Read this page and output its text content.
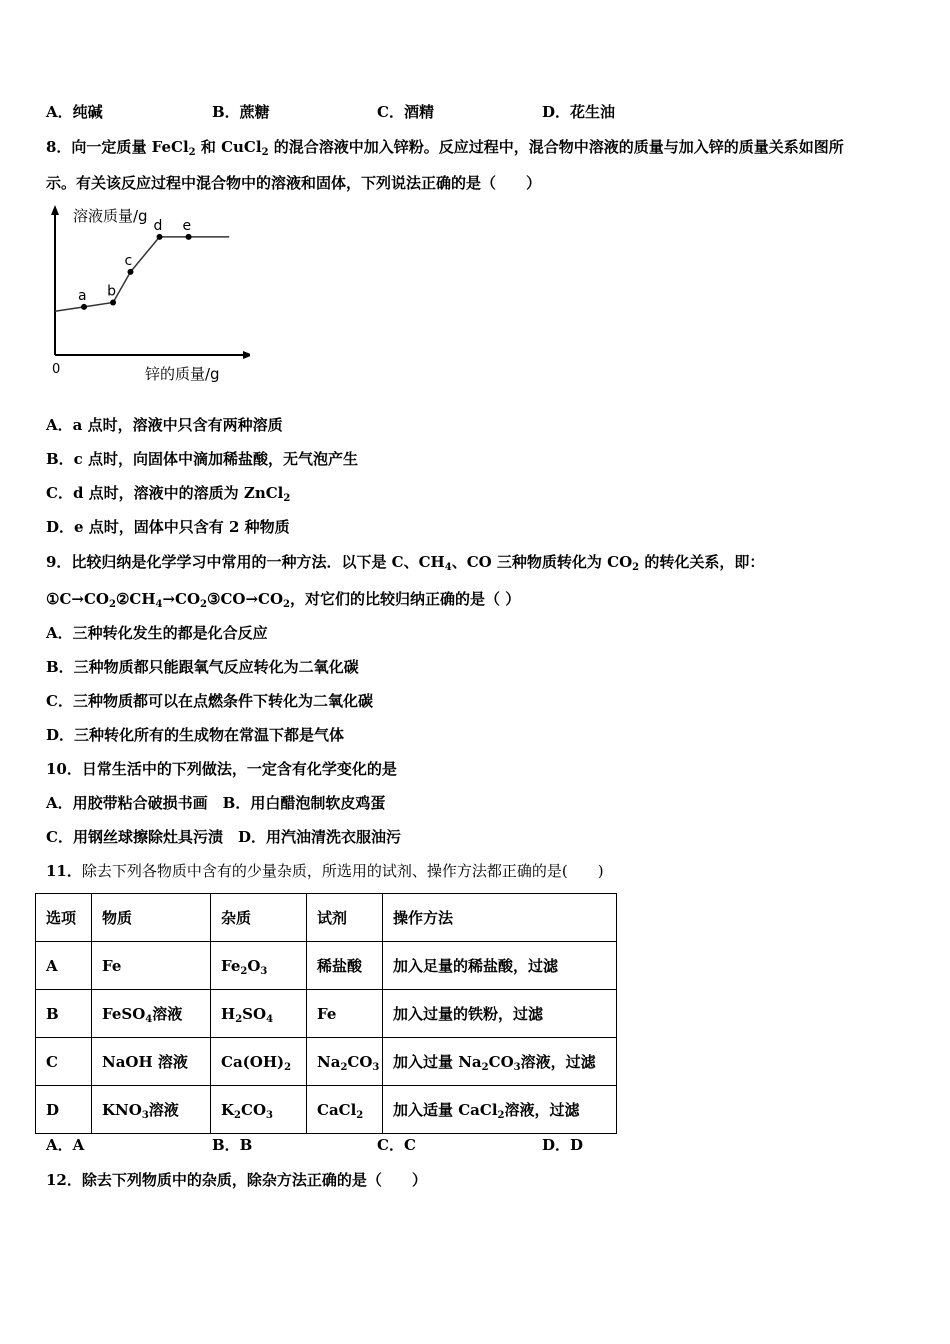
A．纯碱	B．蔗糖	C．酒精	D．花生油
8．向一定质量 FeCl$_2$ 和 CuCl$_2$ 的混合溶液中加入锌粉。反应过程中，混合物中溶液的质量与加入锌的质量关系如图所
示。有关该反应过程中混合物中的溶液和固体，下列说法正确的是（　　）
溶液质量/g
锌的质量/g
0
a b
c
d e
A．a 点时，溶液中只含有两种溶质
B．c 点时，向固体中滴加稀盐酸，无气泡产生
C．d 点时，溶液中的溶质为 ZnCl$_2$
D．e 点时，固体中只含有 2 种物质
9．比较归纳是化学学习中常用的一种方法．以下是 C、$CH_4$、CO 三种物质转化为 $CO_2$ 的转化关系，即：
$①C\to CO_2②CH_4\to CO_2③CO\to CO_2$，对它们的比较归纳正确的是（ ）
A．三种转化发生的都是化合反应
B．三种物质都只能跟氧气反应转化为二氧化碳
C．三种物质都可以在点燃条件下转化为二氧化碳
D．三种转化所有的生成物在常温下都是气体
10．日常生活中的下列做法，一定含有化学变化的是
A．用胶带粘合破损书画　B．用白醋泡制软皮鸡蛋
C．用钢丝球擦除灶具污渍　D．用汽油清洗衣服油污
11．除去下列各物质中含有的少量杂质，所选用的试剂、操作方法都正确的是(　　)
选项	物质	杂质	试剂	操作方法
A	Fe	$Fe_2O_3$	稀盐酸	加入足量的稀盐酸，过滤
B	FeSO$_4$溶液	$H_2SO_4$	Fe	加入过量的铁粉，过滤
C	NaOH 溶液	$Ca(OH)_2$	$Na_2CO_3$	加入过量 $Na_2CO_3$溶液，过滤
D	$KNO_3$溶液	$K_2CO_3$	CaCl$_2$	加入适量 CaCl$_2$溶液，过滤
A．A	B．B	C．C	D．D
12．除去下列物质中的杂质，除杂方法正确的是（　　）
